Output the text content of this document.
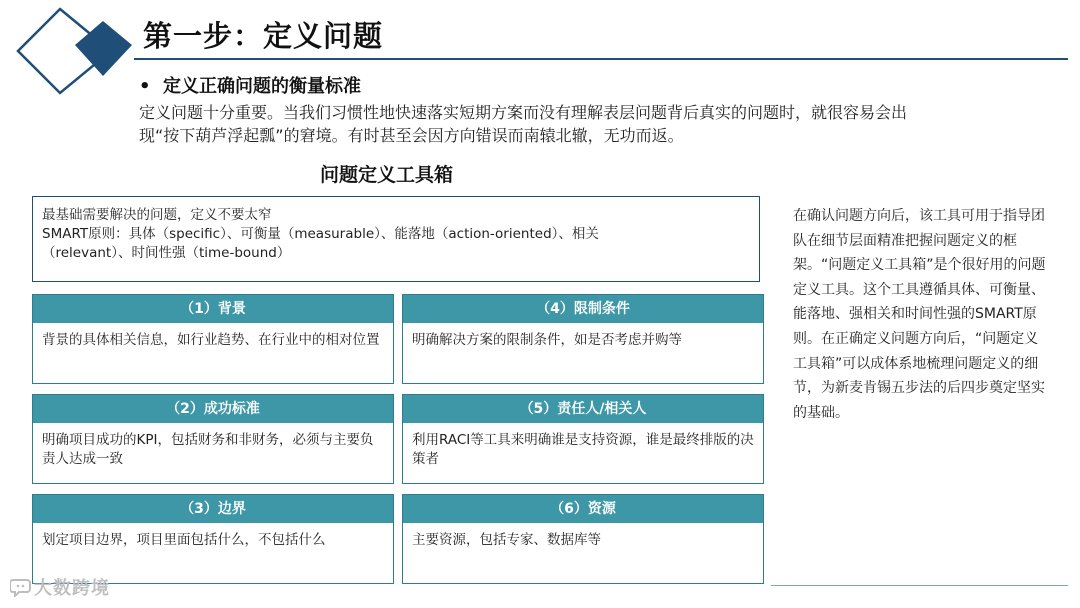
第一步：定义问题
• 定义正确问题的衡量标准
定义问题十分重要。当我们习惯性地快速落实短期方案而没有理解表层问题背后真实的问题时，就很容易会出
现“按下葫芦浮起瓢”的窘境。有时甚至会因方向错误而南辕北辙，无功而返。
问题定义工具箱
最基础需要解决的问题，定义不要太窄
SMART原则：具体（specific）、可衡量（measurable）、能落地（action-oriented）、相关
（relevant）、时间性强（time-bound）
（1）背景
背景的具体相关信息，如行业趋势、在行业中的相对位置
（2）成功标准
明确项目成功的KPI，包括财务和非财务，必须与主要负责人达成一致
（3）边界
划定项目边界，项目里面包括什么，不包括什么
（4）限制条件
明确解决方案的限制条件，如是否考虑并购等
（5）责任人/相关人
利用RACI等工具来明确谁是支持资源，谁是最终排版的决策者
（6）资源
主要资源，包括专家、数据库等
在确认问题方向后，该工具可用于指导团队在细节层面精准把握问题定义的框架。“问题定义工具箱”是个很好用的问题定义工具。这个工具遵循具体、可衡量、能落地、强相关和时间性强的SMART原则。在正确定义问题方向后，“问题定义工具箱”可以成体系地梳理问题定义的细节，为新麦肯锡五步法的后四步奠定坚实的基础。
大数跨境
